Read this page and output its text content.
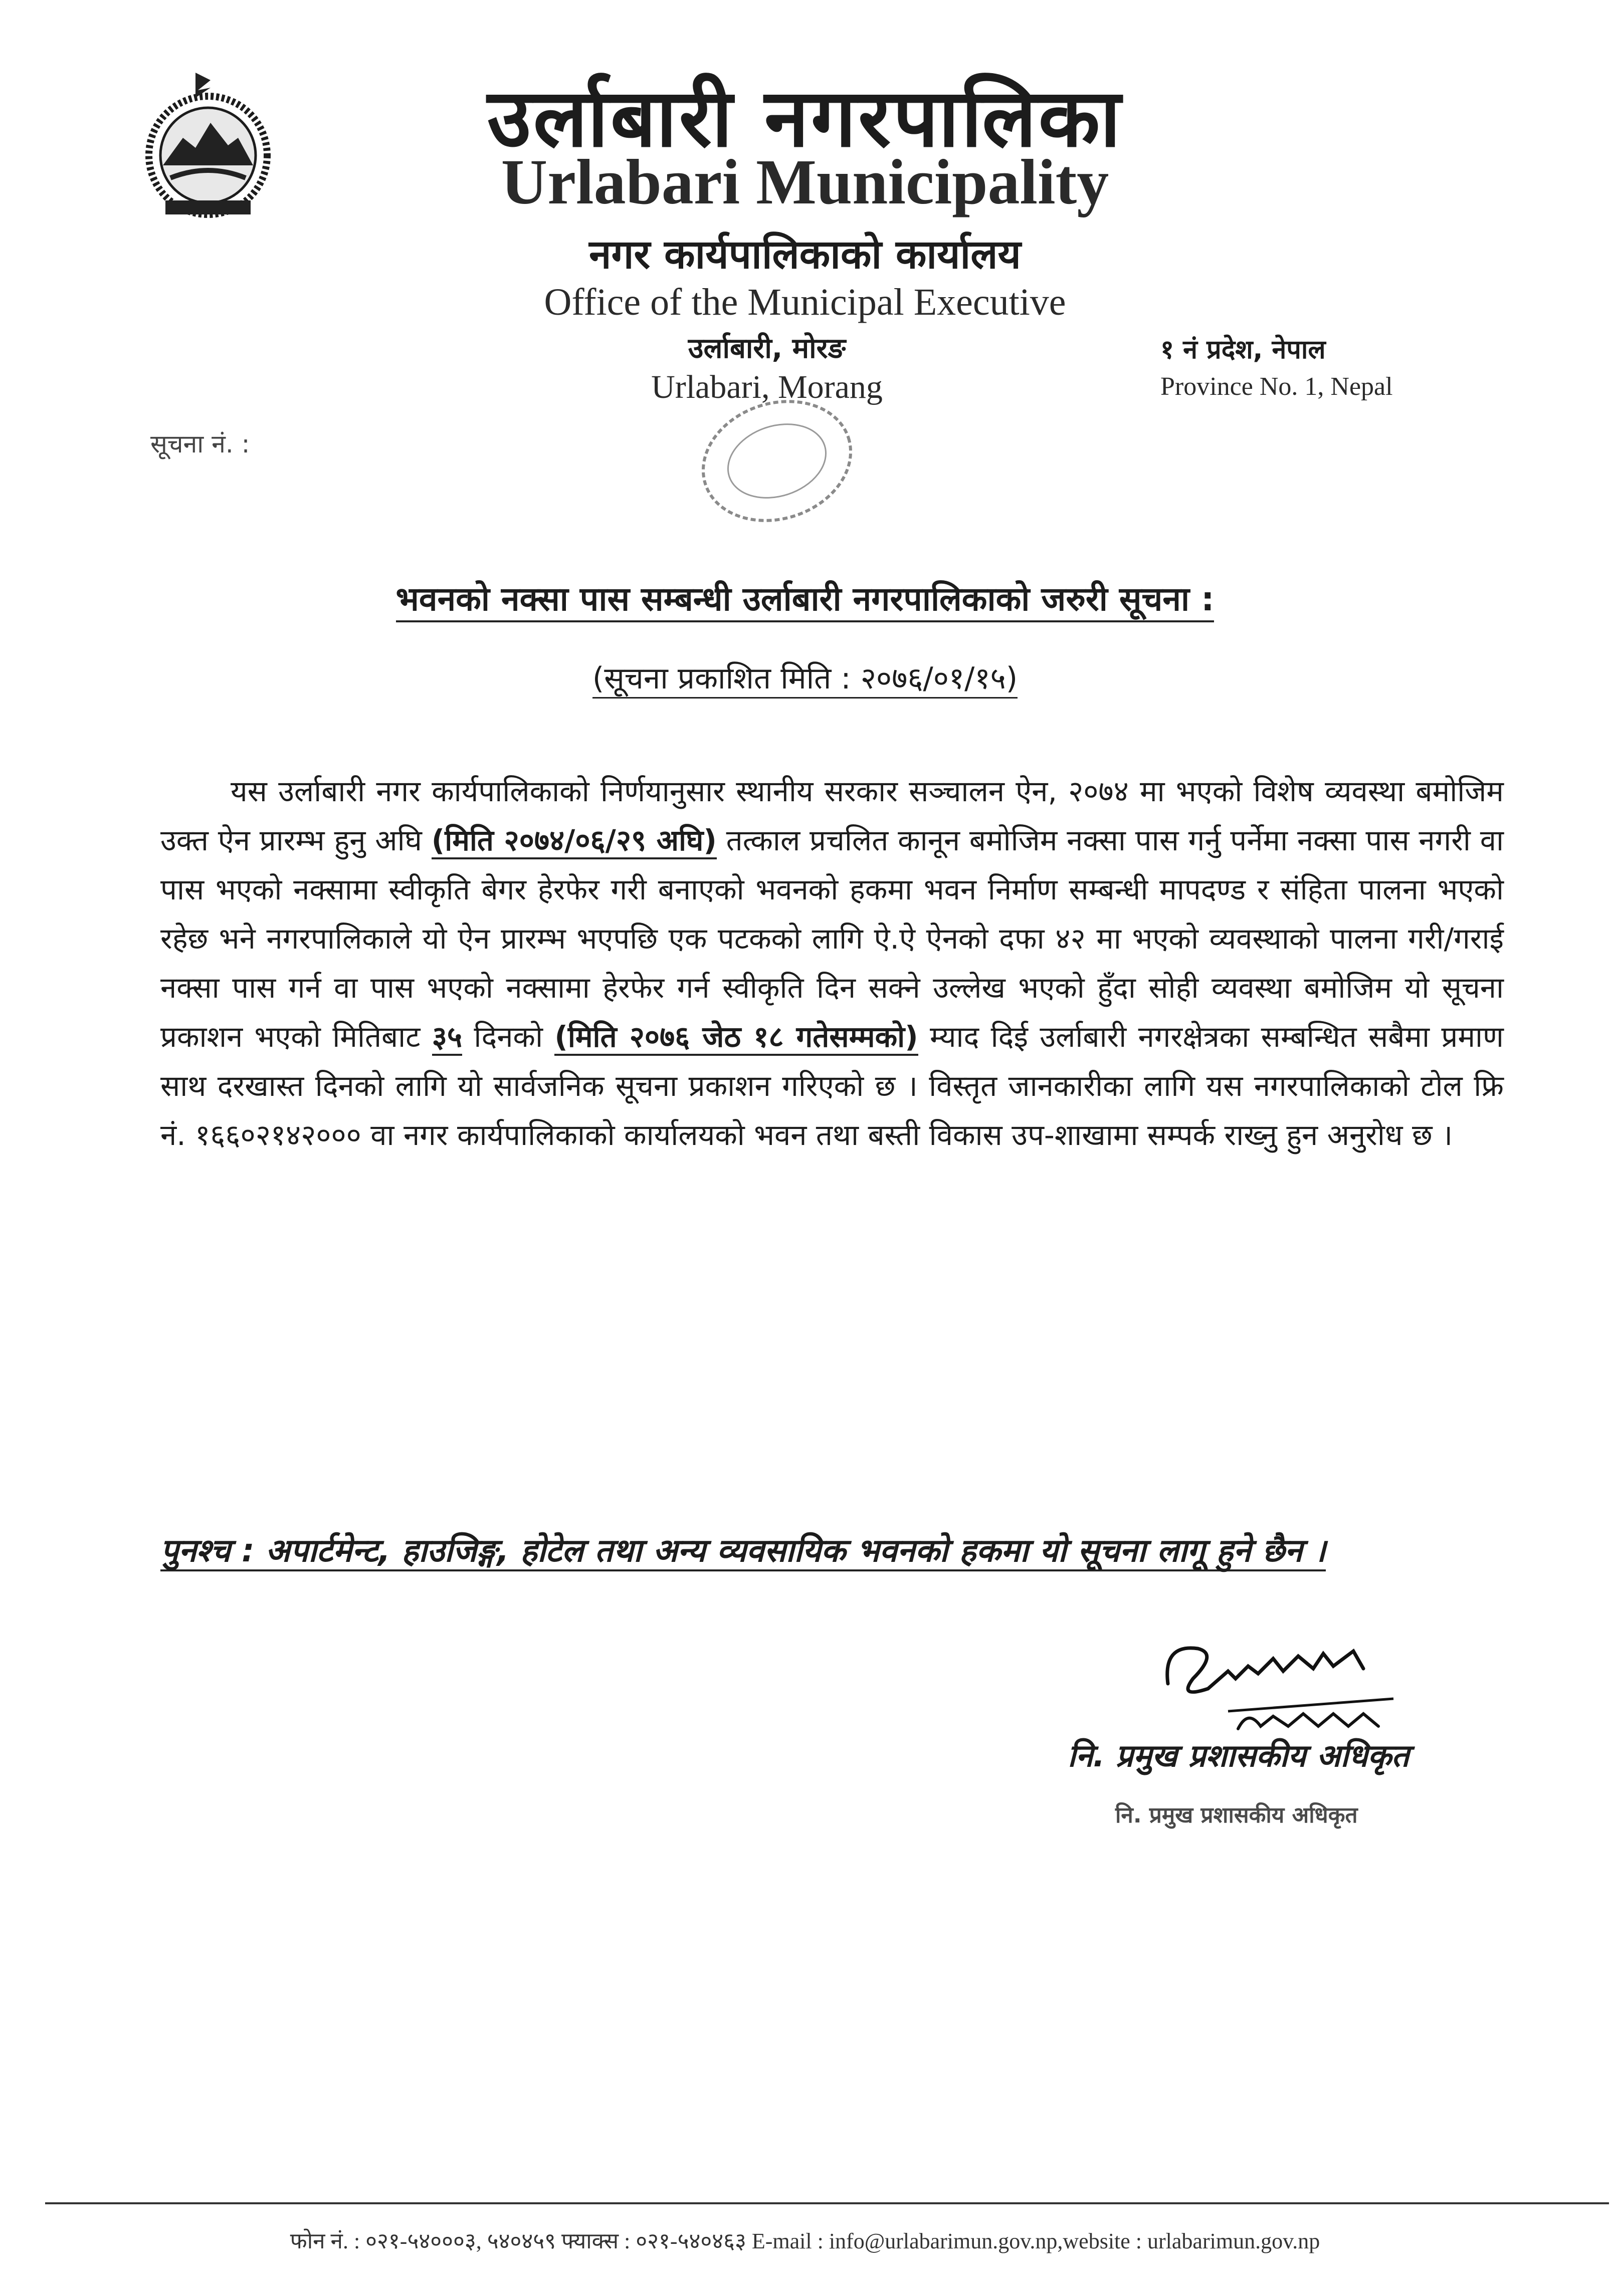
उर्लाबारी नगरपालिका
Urlabari Municipality
नगर कार्यपालिकाको कार्यालय
Office of the Municipal Executive
उर्लाबारी, मोरङ
Urlabari, Morang
१ नं प्रदेश, नेपाल
Province No. 1, Nepal
सूचना नं. :
भवनको नक्सा पास सम्बन्धी उर्लाबारी नगरपालिकाको जरुरी सूचना :
(सूचना प्रकाशित मिति : २०७६/०१/१५)
यस उर्लाबारी नगर कार्यपालिकाको निर्णयानुसार स्थानीय सरकार सञ्चालन ऐन, २०७४ मा भएको विशेष व्यवस्था बमोजिम उक्त ऐन प्रारम्भ हुनु अघि (मिति २०७४/०६/२९ अघि) तत्काल प्रचलित कानून बमोजिम नक्सा पास गर्नु पर्नेमा नक्सा पास नगरी वा पास भएको नक्सामा स्वीकृति बेगर हेरफेर गरी बनाएको भवनको हकमा भवन निर्माण सम्बन्धी मापदण्ड र संहिता पालना भएको रहेछ भने नगरपालिकाले यो ऐन प्रारम्भ भएपछि एक पटकको लागि ऐ.ऐ ऐनको दफा ४२ मा भएको व्यवस्थाको पालना गरी/गराई नक्सा पास गर्न वा पास भएको नक्सामा हेरफेर गर्न स्वीकृति दिन सक्ने उल्लेख भएको हुँदा सोही व्यवस्था बमोजिम यो सूचना प्रकाशन भएको मितिबाट ३५ दिनको (मिति २०७६ जेठ १८ गतेसम्मको) म्याद दिई उर्लाबारी नगरक्षेत्रका सम्बन्धित सबैमा प्रमाण साथ दरखास्त दिनको लागि यो सार्वजनिक सूचना प्रकाशन गरिएको छ । विस्तृत जानकारीका लागि यस नगरपालिकाको टोल फ्रि नं. १६६०२१४२००० वा नगर कार्यपालिकाको कार्यालयको भवन तथा बस्ती विकास उप-शाखामा सम्पर्क राख्नु हुन अनुरोध छ ।
पुनश्च : अपार्टमेन्ट, हाउजिङ्ग, होटेल तथा अन्य व्यवसायिक भवनको हकमा यो सूचना लागू हुने छैन ।
नि. प्रमुख प्रशासकीय अधिकृत
नि. प्रमुख प्रशासकीय अधिकृत
फोन नं. : ०२१-५४०००३, ५४०४५९ फ्याक्स : ०२१-५४०४६३ E-mail : info@urlabarimun.gov.np,website : urlabarimun.gov.np
